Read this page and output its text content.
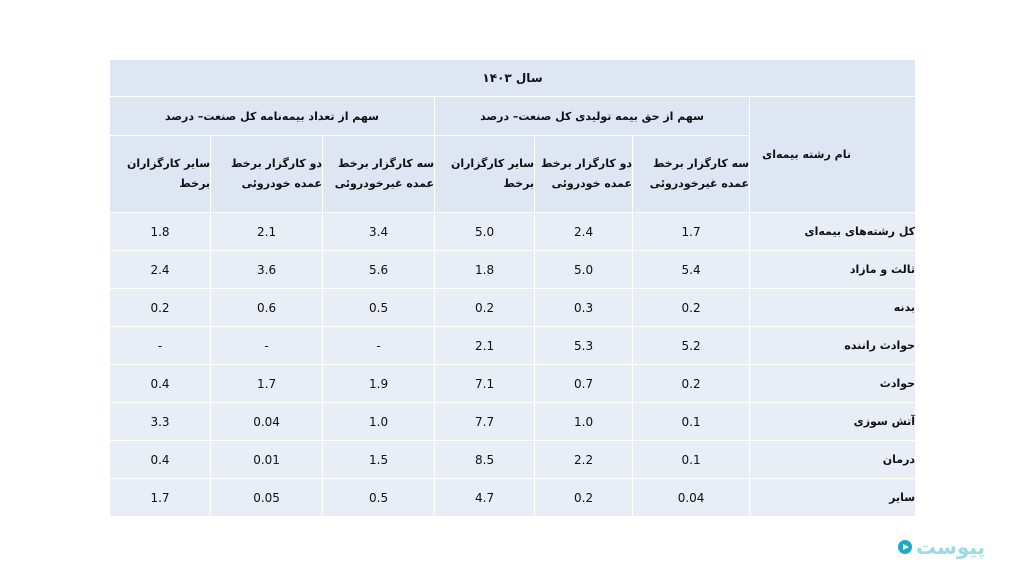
سال ۱۴۰۳						
نام رشته بیمه‌ای	سهم از حق بیمه تولیدی کل صنعت– درصد			سهم از تعداد بیمه‌نامه کل صنعت– درصد		
	سه کارگزار برخط عمده غیرخودروئی	دو کارگزار برخط عمده خودروئی	سایر کارگزاران برخط	سه کارگزار برخط عمده غیرخودروئی	دو کارگزار برخط عمده خودروئی	سایر کارگزاران برخط
کل رشته‌های بیمه‌ای	1.7	2.4	5.0	3.4	2.1	1.8
ثالث و مازاد	5.4	5.0	1.8	5.6	3.6	2.4
بدنه	0.2	0.3	0.2	0.5	0.6	0.2
حوادث راننده	5.2	5.3	2.1	-	-	-
حوادث	0.2	0.7	7.1	1.9	1.7	0.4
آتش سوزی	0.1	1.0	7.7	1.0	0.04	3.3
درمان	0.1	2.2	8.5	1.5	0.01	0.4
سایر	0.04	0.2	4.7	0.5	0.05	1.7
پیوست
